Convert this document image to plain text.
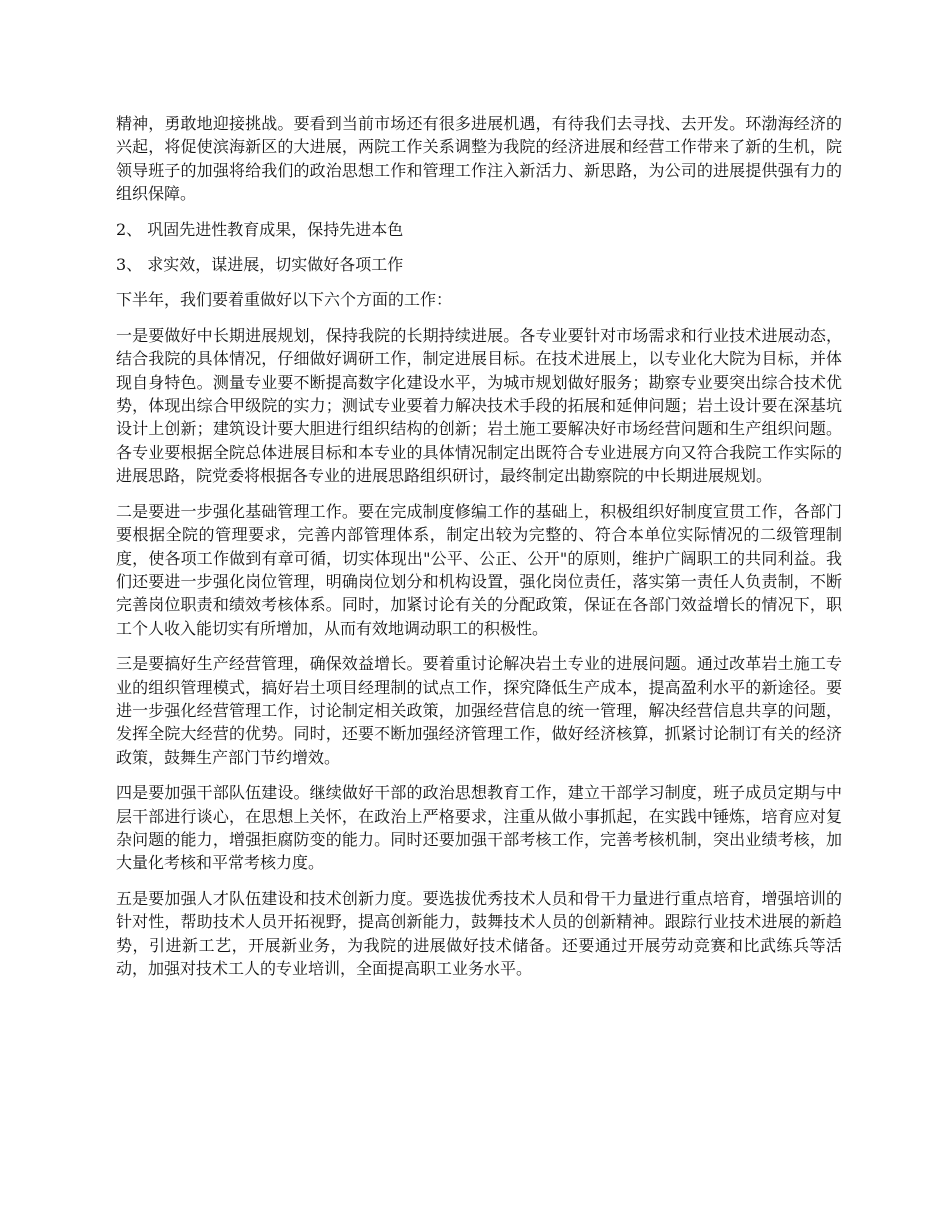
精神，勇敢地迎接挑战。要看到当前市场还有很多进展机遇，有待我们去寻找、去开发。环渤海经济的兴起，将促使滨海新区的大进展，两院工作关系调整为我院的经济进展和经营工作带来了新的生机，院领导班子的加强将给我们的政治思想工作和管理工作注入新活力、新思路，为公司的进展提供强有力的组织保障。

2、 巩固先进性教育成果，保持先进本色

3、 求实效，谋进展，切实做好各项工作

下半年，我们要着重做好以下六个方面的工作：

一是要做好中长期进展规划，保持我院的长期持续进展。各专业要针对市场需求和行业技术进展动态，结合我院的具体情况，仔细做好调研工作，制定进展目标。在技术进展上，以专业化大院为目标，并体现自身特色。测量专业要不断提高数字化建设水平，为城市规划做好服务；勘察专业要突出综合技术优势，体现出综合甲级院的实力；测试专业要着力解决技术手段的拓展和延伸问题；岩土设计要在深基坑设计上创新；建筑设计要大胆进行组织结构的创新；岩土施工要解决好市场经营问题和生产组织问题。各专业要根据全院总体进展目标和本专业的具体情况制定出既符合专业进展方向又符合我院工作实际的进展思路，院党委将根据各专业的进展思路组织研讨，最终制定出勘察院的中长期进展规划。

二是要进一步强化基础管理工作。要在完成制度修编工作的基础上，积极组织好制度宣贯工作，各部门要根据全院的管理要求，完善内部管理体系，制定出较为完整的、符合本单位实际情况的二级管理制度，使各项工作做到有章可循，切实体现出"公平、公正、公开"的原则，维护广阔职工的共同利益。我们还要进一步强化岗位管理，明确岗位划分和机构设置，强化岗位责任，落实第一责任人负责制，不断完善岗位职责和绩效考核体系。同时，加紧讨论有关的分配政策，保证在各部门效益增长的情况下，职工个人收入能切实有所增加，从而有效地调动职工的积极性。

三是要搞好生产经营管理，确保效益增长。要着重讨论解决岩土专业的进展问题。通过改革岩土施工专业的组织管理模式，搞好岩土项目经理制的试点工作，探究降低生产成本，提高盈利水平的新途径。要进一步强化经营管理工作，讨论制定相关政策，加强经营信息的统一管理，解决经营信息共享的问题，发挥全院大经营的优势。同时，还要不断加强经济管理工作，做好经济核算，抓紧讨论制订有关的经济政策，鼓舞生产部门节约增效。

四是要加强干部队伍建设。继续做好干部的政治思想教育工作，建立干部学习制度，班子成员定期与中层干部进行谈心，在思想上关怀，在政治上严格要求，注重从做小事抓起，在实践中锤炼，培育应对复杂问题的能力，增强拒腐防变的能力。同时还要加强干部考核工作，完善考核机制，突出业绩考核，加大量化考核和平常考核力度。

五是要加强人才队伍建设和技术创新力度。要选拔优秀技术人员和骨干力量进行重点培育，增强培训的针对性，帮助技术人员开拓视野，提高创新能力，鼓舞技术人员的创新精神。跟踪行业技术进展的新趋势，引进新工艺，开展新业务，为我院的进展做好技术储备。还要通过开展劳动竞赛和比武练兵等活动，加强对技术工人的专业培训，全面提高职工业务水平。
